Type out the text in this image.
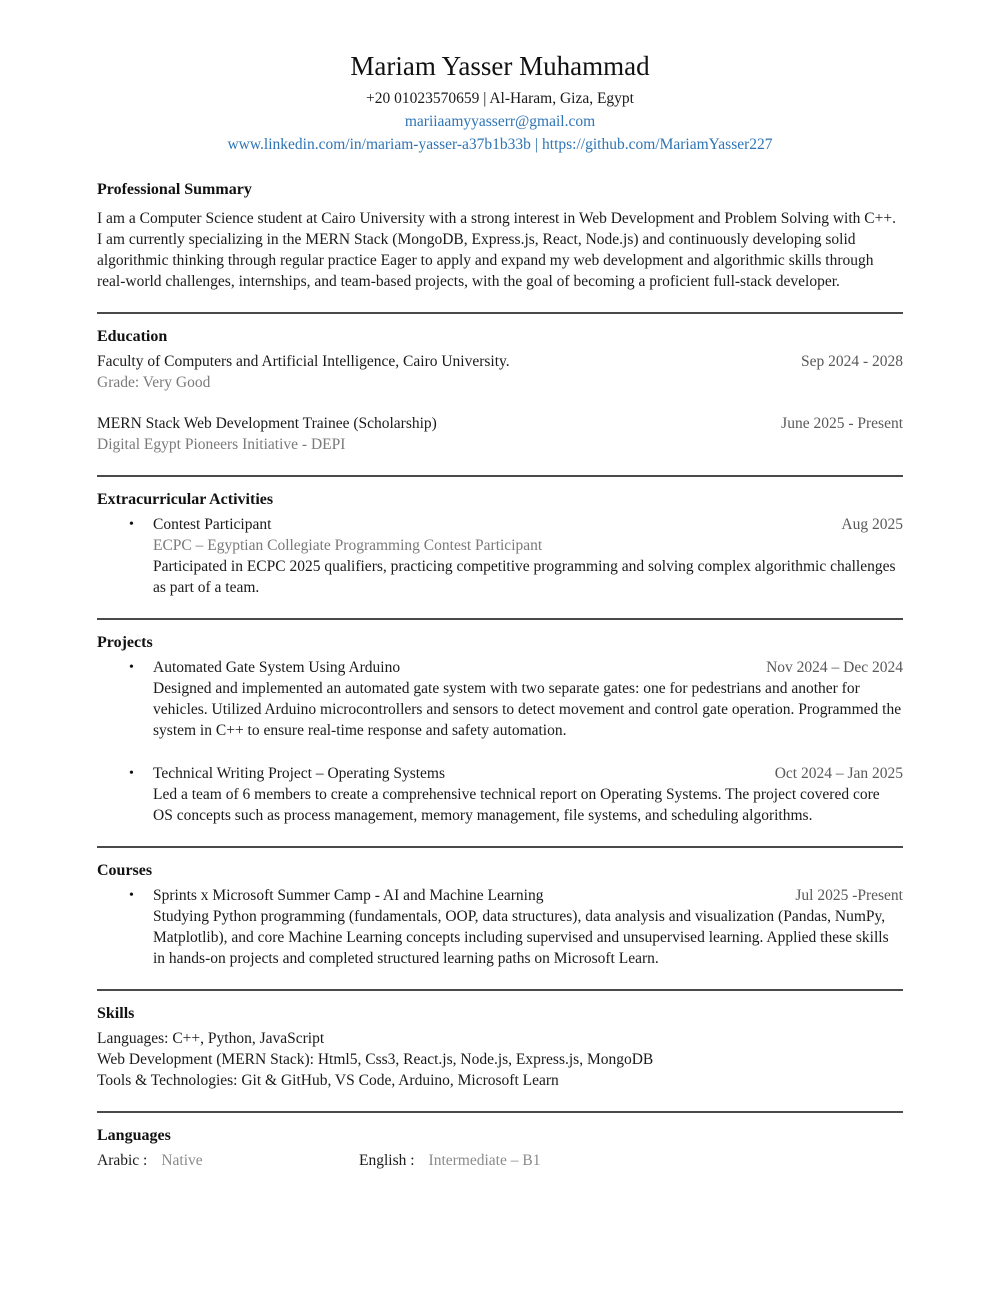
Mariam Yasser Muhammad
+20 01023570659 | Al-Haram, Giza, Egypt
mariiaamyyasserr@gmail.com
www.linkedin.com/in/mariam-yasser-a37b1b33b | https://github.com/MariamYasser227
Professional Summary

I am a Computer Science student at Cairo University with a strong interest in Web Development and Problem Solving with C++. I am currently specializing in the MERN Stack (MongoDB, Express.js, React, Node.js) and continuously developing solid algorithmic thinking through regular practice Eager to apply and expand my web development and algorithmic skills through real-world challenges, internships, and team-based projects, with the goal of becoming a proficient full-stack developer.

Education
Faculty of Computers and Artificial Intelligence, Cairo University.	Sep 2024 - 2028
Grade: Very Good
MERN Stack Web Development Trainee (Scholarship)	June 2025 - Present
Digital Egypt Pioneers Initiative - DEPI
Extracurricular Activities
•	Contest Participant	Aug 2025
ECPC – Egyptian Collegiate Programming Contest Participant
Participated in ECPC 2025 qualifiers, practicing competitive programming and solving complex algorithmic challenges as part of a team.
Projects
•	Automated Gate System Using Arduino	Nov 2024 – Dec 2024
Designed and implemented an automated gate system with two separate gates: one for pedestrians and another for vehicles. Utilized Arduino microcontrollers and sensors to detect movement and control gate operation. Programmed the system in C++ to ensure real-time response and safety automation.
•	Technical Writing Project – Operating Systems	Oct 2024 – Jan 2025
Led a team of 6 members to create a comprehensive technical report on Operating Systems. The project covered core OS concepts such as process management, memory management, file systems, and scheduling algorithms.
Courses
•	Sprints x Microsoft Summer Camp - AI and Machine Learning	Jul 2025 -Present
Studying Python programming (fundamentals, OOP, data structures), data analysis and visualization (Pandas, NumPy, Matplotlib), and core Machine Learning concepts including supervised and unsupervised learning. Applied these skills in hands-on projects and completed structured learning paths on Microsoft Learn.
Skills
Languages: C++, Python, JavaScript
Web Development (MERN Stack): Html5, Css3, React.js, Node.js, Express.js, MongoDB
Tools & Technologies: Git & GitHub, VS Code, Arduino, Microsoft Learn
Languages
Arabic : Native	English : Intermediate – B1
